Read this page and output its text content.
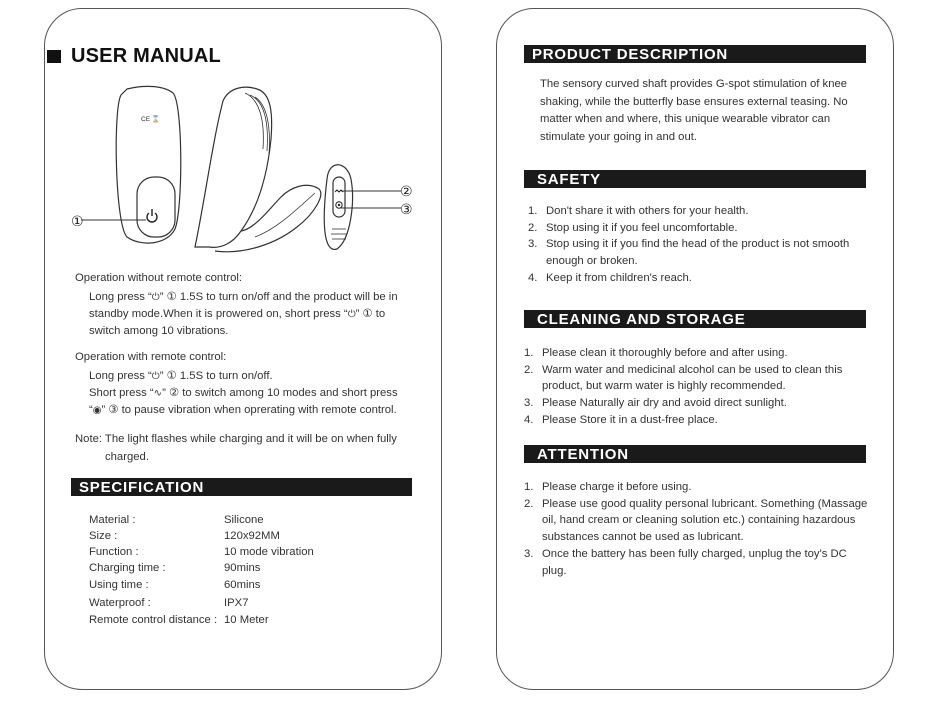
USER MANUAL
CE ⌛
①
②
③
Operation without remote control:
Long press “⏻” ① 1.5S to turn on/off and the product will be in
standby mode.When it is prowered on, short press “⏻” ① to
switch among 10 vibrations.
Operation with remote control:
Long press “⏻” ① 1.5S to turn on/off.
Short press “∿” ② to switch among 10 modes and short press
“◉” ③ to pause vibration when oprerating with remote control.
Note: The light flashes while charging and it will be on when fully
charged.
SPECIFICATION
Material :	Silicone
Size :	120x92MM
Function :	10 mode vibration
Charging time :	90mins
Using time :	60mins
Waterproof :	IPX7
Remote control distance : 10 Meter
PRODUCT DESCRIPTION
The sensory curved shaft provides G-spot stimulation of knee shaking, while the butterfly base ensures external teasing. No matter when and where, this unique wearable vibrator can stimulate your going in and out.
SAFETY
1. Don't share it with others for your health.
2. Stop using it if you feel uncomfortable.
3. Stop using it if you find the head of the product is not smooth enough or broken.
4. Keep it from children's reach.
CLEANING AND STORAGE
1. Please clean it thoroughly before and after using.
2. Warm water and medicinal alcohol can be used to clean this product, but warm water is highly recommended.
3. Please Naturally air dry and avoid direct sunlight.
4. Please Store it in a dust-free place.
ATTENTION
1. Please charge it before using.
2. Please use good quality personal lubricant. Something (Massage oil, hand cream or cleaning solution etc.) containing hazardous substances cannot be used as lubricant.
3. Once the battery has been fully charged, unplug the toy's DC plug.
